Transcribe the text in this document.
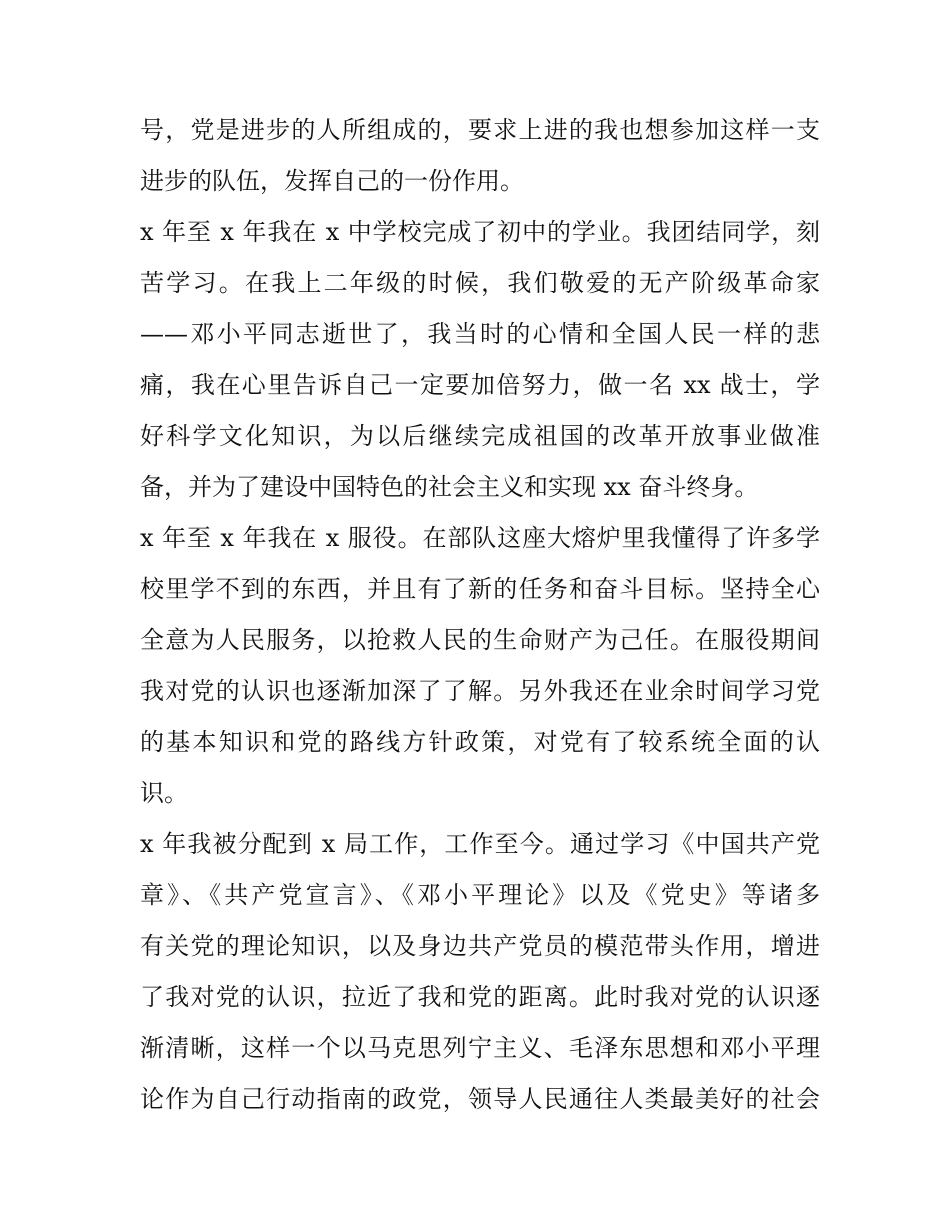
号，党是进步的人所组成的，要求上进的我也想参加这样一支
进步的队伍，发挥自己的一份作用。
x 年至 x 年我在 x 中学校完成了初中的学业。我团结同学，刻
苦学习。在我上二年级的时候，我们敬爱的无产阶级革命家
——邓小平同志逝世了，我当时的心情和全国人民一样的悲
痛，我在心里告诉自己一定要加倍努力，做一名 xx 战士，学
好科学文化知识，为以后继续完成祖国的改革开放事业做准
备，并为了建设中国特色的社会主义和实现 xx 奋斗终身。
x 年至 x 年我在 x 服役。在部队这座大熔炉里我懂得了许多学
校里学不到的东西，并且有了新的任务和奋斗目标。坚持全心
全意为人民服务，以抢救人民的生命财产为己任。在服役期间
我对党的认识也逐渐加深了了解。另外我还在业余时间学习党
的基本知识和党的路线方针政策，对党有了较系统全面的认
识。
x 年我被分配到 x 局工作，工作至今。通过学习《中国共产党
章》、《共产党宣言》、《邓小平理论》以及《党史》等诸多
有关党的理论知识，以及身边共产党员的模范带头作用，增进
了我对党的认识，拉近了我和党的距离。此时我对党的认识逐
渐清晰，这样一个以马克思列宁主义、毛泽东思想和邓小平理
论作为自己行动指南的政党，领导人民通往人类最美好的社会
